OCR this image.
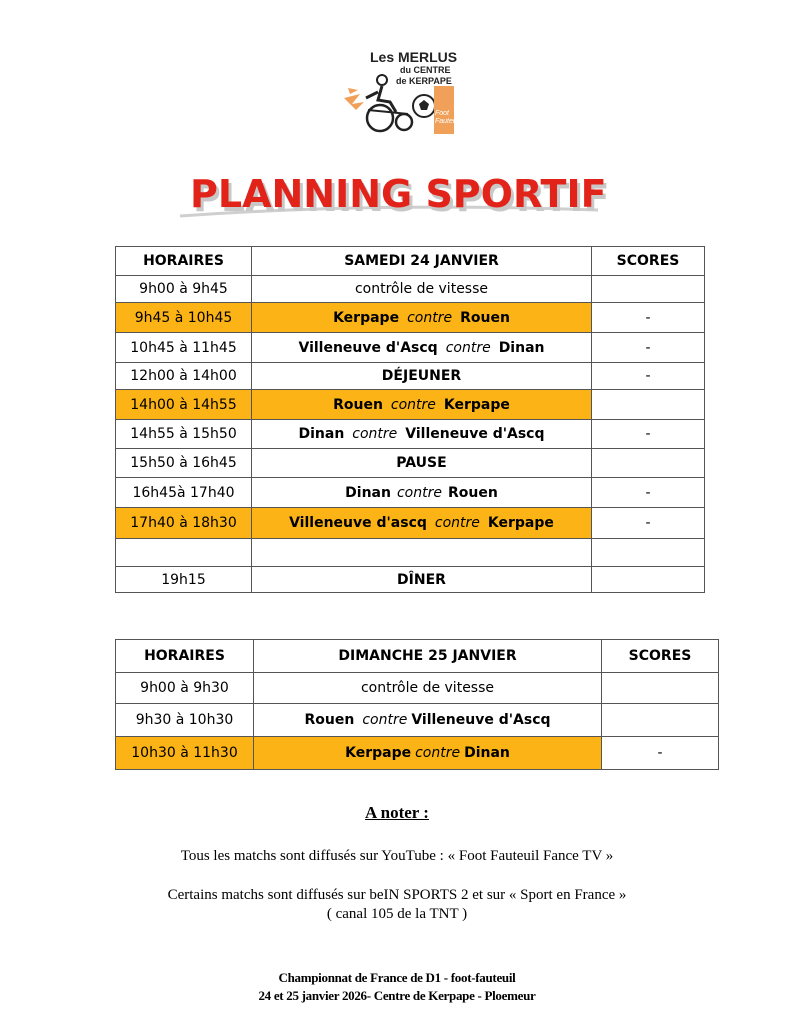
Les MERLUS
du CENTRE
de KERPAPE
Foot
Fauteuil
PLANNING SPORTIF
HORAIRES	SAMEDI 24 JANVIER	SCORES
9h00 à 9h45	contrôle de vitesse	
9h45 à 10h45	Kerpape contre Rouen	-
10h45 à 11h45	Villeneuve d'Ascq contre Dinan	-
12h00 à 14h00	DÉJEUNER	-
14h00 à 14h55	Rouen contre Kerpape	
14h55 à 15h50	Dinan contre Villeneuve d'Ascq	-
15h50 à 16h45	PAUSE	
16h45à 17h40	Dinan contre Rouen	-
17h40 à 18h30	Villeneuve d'ascq contre Kerpape	-

19h15	DÎNER	
HORAIRES	DIMANCHE 25 JANVIER	SCORES
9h00 à 9h30	contrôle de vitesse	
9h30 à 10h30	Rouen contre Villeneuve d'Ascq	
10h30 à 11h30	Kerpape contre Dinan	-
A noter :
Tous les matchs sont diffusés sur YouTube : « Foot Fauteuil Fance TV »
Certains matchs sont diffusés sur beIN SPORTS 2 et sur « Sport en France »
( canal 105 de la TNT )
Championnat de France de D1 - foot-fauteuil
24 et 25 janvier 2026- Centre de Kerpape - Ploemeur
